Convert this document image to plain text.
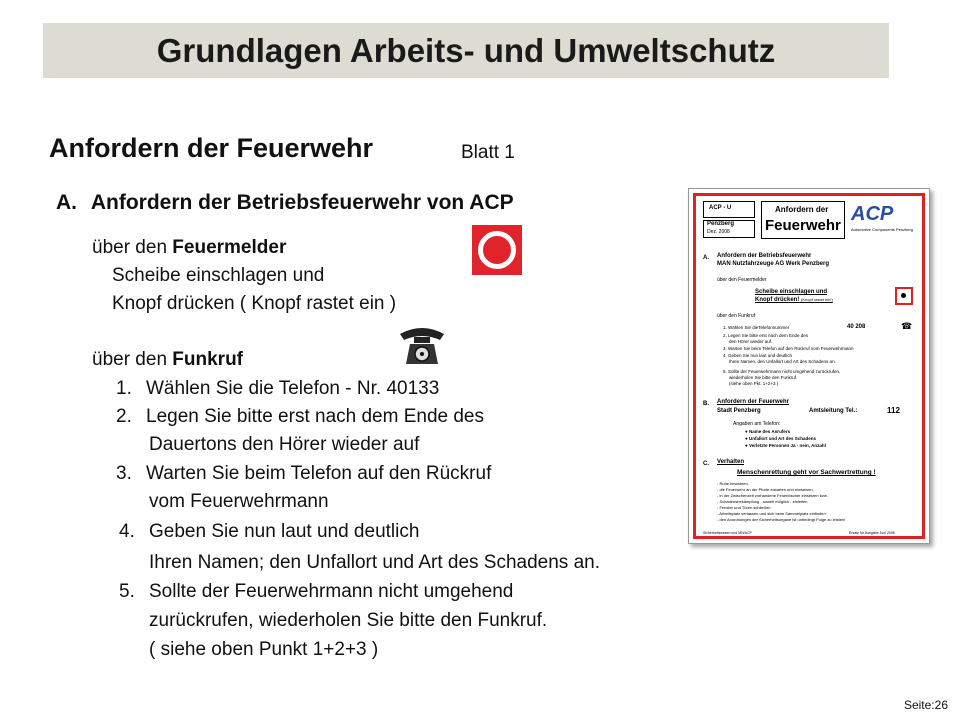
Grundlagen Arbeits- und Umweltschutz
Anfordern der Feuerwehr	Blatt 1
A. Anfordern der Betriebsfeuerwehr von ACP
über den Feuermelder
Scheibe einschlagen und
Knopf drücken ( Knopf rastet ein )
über den Funkruf
1. Wählen Sie die Telefon - Nr. 40133
2. Legen Sie bitte erst nach dem Ende des
Dauertons den Hörer wieder auf
3. Warten Sie beim Telefon auf den Rückruf
vom Feuerwehrmann
4. Geben Sie nun laut und deutlich
Ihren Namen; den Unfallort und Art des Schadens an.
5. Sollte der Feuerwehrmann nicht umgehend
zurückrufen, wiederholen Sie bitte den Funkruf.
( siehe oben Punkt 1+2+3 )
ACP - U
Penzberg
Dez. 2008
Anfordern der
Feuerwehr
ACP
Automotive Components Penzberg
A. Anfordern der Betriebsfeuerwehr
MAN Nutzfahrzeuge AG Werk Penzberg
über den Feuermelder
Scheibe einschlagen und
Knopf drücken! (Knopf rastet ein!)
über den Funkruf
1. Wählen Sie dieTelefonnummer	40 208	☎
2. Legen Sie bitte erst nach dem Ende des
den Hörer wieder auf.
3. Warten Sie beim Telefon auf den Rückruf vom Feuerwehrmann
4. Geben Sie nun laut und deutlich
Ihren Namen, den Unfallort und Art des Schadens an.
5. Sollte der Feuerwehrmann nicht umgehend zurückrufen,
wiederholen Sie bitte den Funkruf.
(siehe oben Pkt. 1+2+3 )
B. Anfordern der Feuerwehr
Stadt Penzberg	Amtsleitung Tel.:	112
Angaben am Telefon:
● Name des Anrufers
● Unfallort und Art des Schadens
● Verletzte Personen Ja - nein, Anzahl
C. Verhalten
Menschenrettung geht vor Sachwertrettung !
- Ruhe bewahren,
- die Feuerwehr an der Pforte erwarten und einweisen,
- in der Zwischenzeit vorhandene Feuerlöscher einsetzen bzw.
- Schadensbekämpfung - soweit möglich - einleiten
- Fenster und Türen schließen
- Arbeitsplatz verlassen und sich beim Sammelplatz einfinden
- den Anordnungen der Sicherheitsorgane ist unbedingt Folge zu leisten!
Sicherheitswesen und MN/ACP	Ersatz für Ausgabe Juni 2006
Seite:26
